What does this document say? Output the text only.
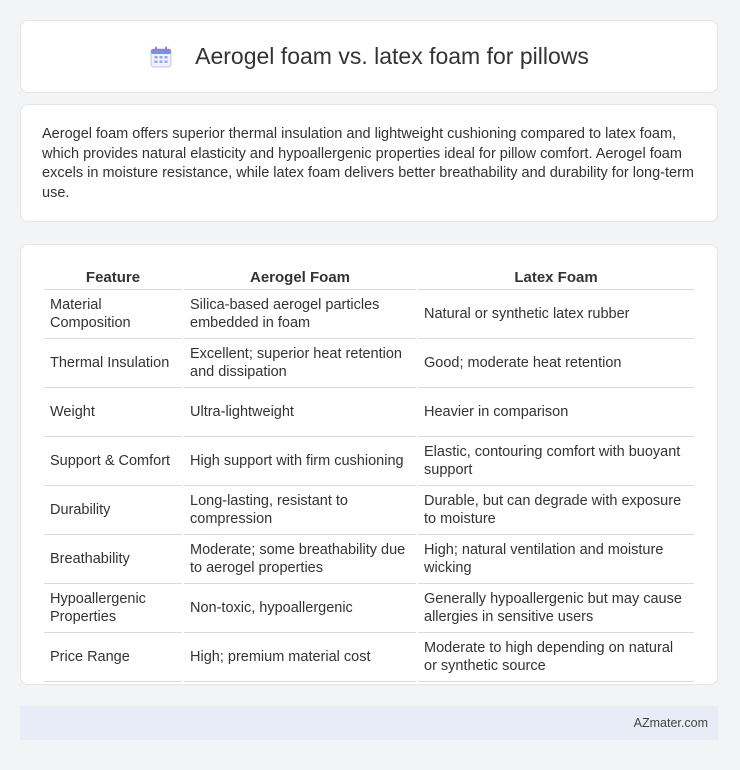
Aerogel foam vs. latex foam for pillows

Aerogel foam offers superior thermal insulation and lightweight cushioning compared to latex foam, which provides natural elasticity and hypoallergenic properties ideal for pillow comfort. Aerogel foam excels in moisture resistance, while latex foam delivers better breathability and durability for long-term use.

Feature	Aerogel Foam	Latex Foam
Material Composition	Silica-based aerogel particles embedded in foam	Natural or synthetic latex rubber
Thermal Insulation	Excellent; superior heat retention and dissipation	Good; moderate heat retention
Weight	Ultra-lightweight	Heavier in comparison
Support & Comfort	High support with firm cushioning	Elastic, contouring comfort with buoyant support
Durability	Long-lasting, resistant to compression	Durable, but can degrade with exposure to moisture
Breathability	Moderate; some breathability due to aerogel properties	High; natural ventilation and moisture wicking
Hypoallergenic Properties	Non-toxic, hypoallergenic	Generally hypoallergenic but may cause allergies in sensitive users
Price Range	High; premium material cost	Moderate to high depending on natural or synthetic source
AZmater.com
